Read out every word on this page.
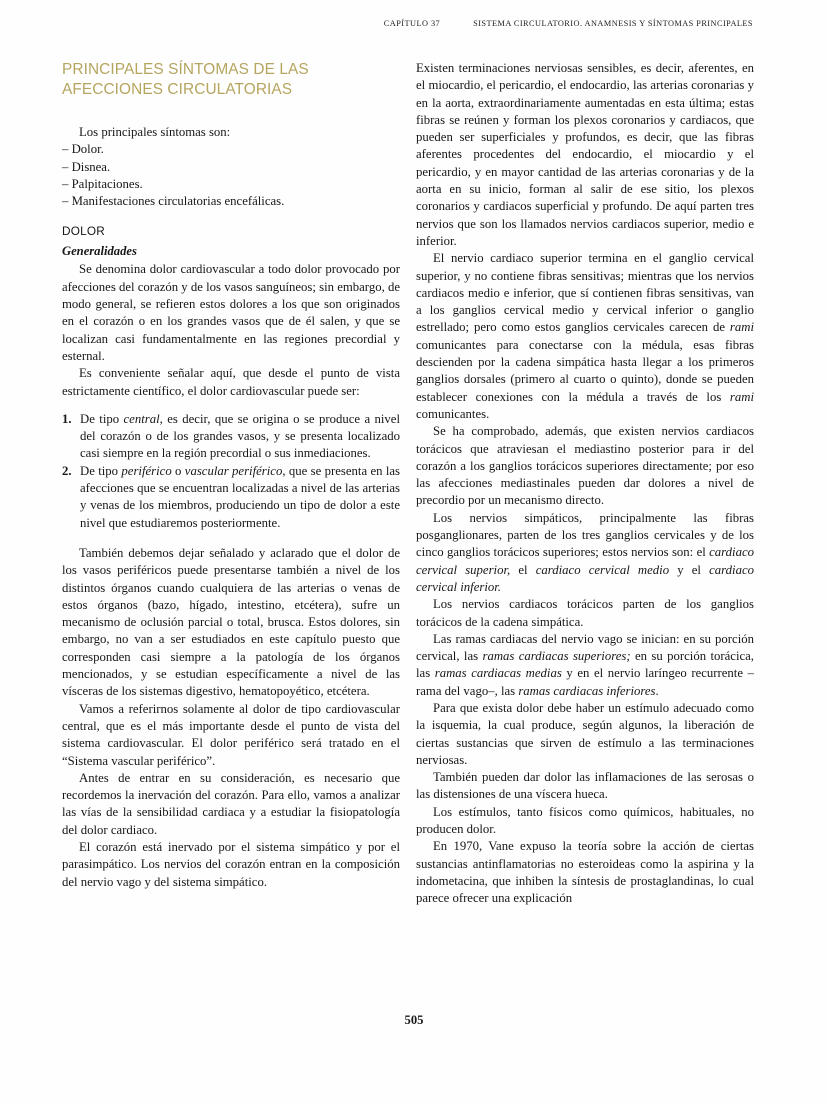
CAPÍTULO 37	SISTEMA CIRCULATORIO. ANAMNESIS Y SÍNTOMAS PRINCIPALES
PRINCIPALES SÍNTOMAS DE LAS AFECCIONES CIRCULATORIAS

Los principales síntomas son:

– Dolor.
– Disnea.
– Palpitaciones.
– Manifestaciones circulatorias encefálicas.
DOLOR
Generalidades

Se denomina dolor cardiovascular a todo dolor provocado por afecciones del corazón y de los vasos sanguíneos; sin embargo, de modo general, se refieren estos dolores a los que son originados en el corazón o en los grandes vasos que de él salen, y que se localizan casi fundamentalmente en las regiones precordial y esternal.

Es conveniente señalar aquí, que desde el punto de vista estrictamente científico, el dolor cardiovascular puede ser:

1. De tipo central, es decir, que se origina o se produce a nivel del corazón o de los grandes vasos, y se presenta localizado casi siempre en la región precordial o sus inmediaciones.
2. De tipo periférico o vascular periférico, que se presenta en las afecciones que se encuentran localizadas a nivel de las arterias y venas de los miembros, produciendo un tipo de dolor a este nivel que estudiaremos posteriormente.

También debemos dejar señalado y aclarado que el dolor de los vasos periféricos puede presentarse también a nivel de los distintos órganos cuando cualquiera de las arterias o venas de estos órganos (bazo, hígado, intestino, etcétera), sufre un mecanismo de oclusión parcial o total, brusca. Estos dolores, sin embargo, no van a ser estudiados en este capítulo puesto que corresponden casi siempre a la patología de los órganos mencionados, y se estudian específicamente a nivel de las vísceras de los sistemas digestivo, hematopoyético, etcétera.

Vamos a referirnos solamente al dolor de tipo cardiovascular central, que es el más importante desde el punto de vista del sistema cardiovascular. El dolor periférico será tratado en el “Sistema vascular periférico”.

Antes de entrar en su consideración, es necesario que recordemos la inervación del corazón. Para ello, vamos a analizar las vías de la sensibilidad cardiaca y a estudiar la fisiopatología del dolor cardiaco.

El corazón está inervado por el sistema simpático y por el parasimpático. Los nervios del corazón entran en la composición del nervio vago y del sistema simpático.

Existen terminaciones nerviosas sensibles, es decir, aferentes, en el miocardio, el pericardio, el endocardio, las arterias coronarias y en la aorta, extraordinariamente aumentadas en esta última; estas fibras se reúnen y forman los plexos coronarios y cardiacos, que pueden ser superficiales y profundos, es decir, que las fibras aferentes procedentes del endocardio, el miocardio y el pericardio, y en mayor cantidad de las arterias coronarias y de la aorta en su inicio, forman al salir de ese sitio, los plexos coronarios y cardiacos superficial y profundo. De aquí parten tres nervios que son los llamados nervios cardiacos superior, medio e inferior.

El nervio cardiaco superior termina en el ganglio cervical superior, y no contiene fibras sensitivas; mientras que los nervios cardiacos medio e inferior, que sí contienen fibras sensitivas, van a los ganglios cervical medio y cervical inferior o ganglio estrellado; pero como estos ganglios cervicales carecen de rami comunicantes para conectarse con la médula, esas fibras descienden por la cadena simpática hasta llegar a los primeros ganglios dorsales (primero al cuarto o quinto), donde se pueden establecer conexiones con la médula a través de los rami comunicantes.

Se ha comprobado, además, que existen nervios cardiacos torácicos que atraviesan el mediastino posterior para ir del corazón a los ganglios torácicos superiores directamente; por eso las afecciones mediastinales pueden dar dolores a nivel de precordio por un mecanismo directo.

Los nervios simpáticos, principalmente las fibras posganglionares, parten de los tres ganglios cervicales y de los cinco ganglios torácicos superiores; estos nervios son: el cardiaco cervical superior, el cardiaco cervical medio y el cardiaco cervical inferior.

Los nervios cardiacos torácicos parten de los ganglios torácicos de la cadena simpática.

Las ramas cardiacas del nervio vago se inician: en su porción cervical, las ramas cardiacas superiores; en su porción torácica, las ramas cardiacas medias y en el nervio laríngeo recurrente –rama del vago–, las ramas cardiacas inferiores.

Para que exista dolor debe haber un estímulo adecuado como la isquemia, la cual produce, según algunos, la liberación de ciertas sustancias que sirven de estímulo a las terminaciones nerviosas.

También pueden dar dolor las inflamaciones de las serosas o las distensiones de una víscera hueca.

Los estímulos, tanto físicos como químicos, habituales, no producen dolor.

En 1970, Vane expuso la teoría sobre la acción de ciertas sustancias antinflamatorias no esteroideas como la aspirina y la indometacina, que inhiben la síntesis de prostaglandinas, lo cual parece ofrecer una explicación

505
